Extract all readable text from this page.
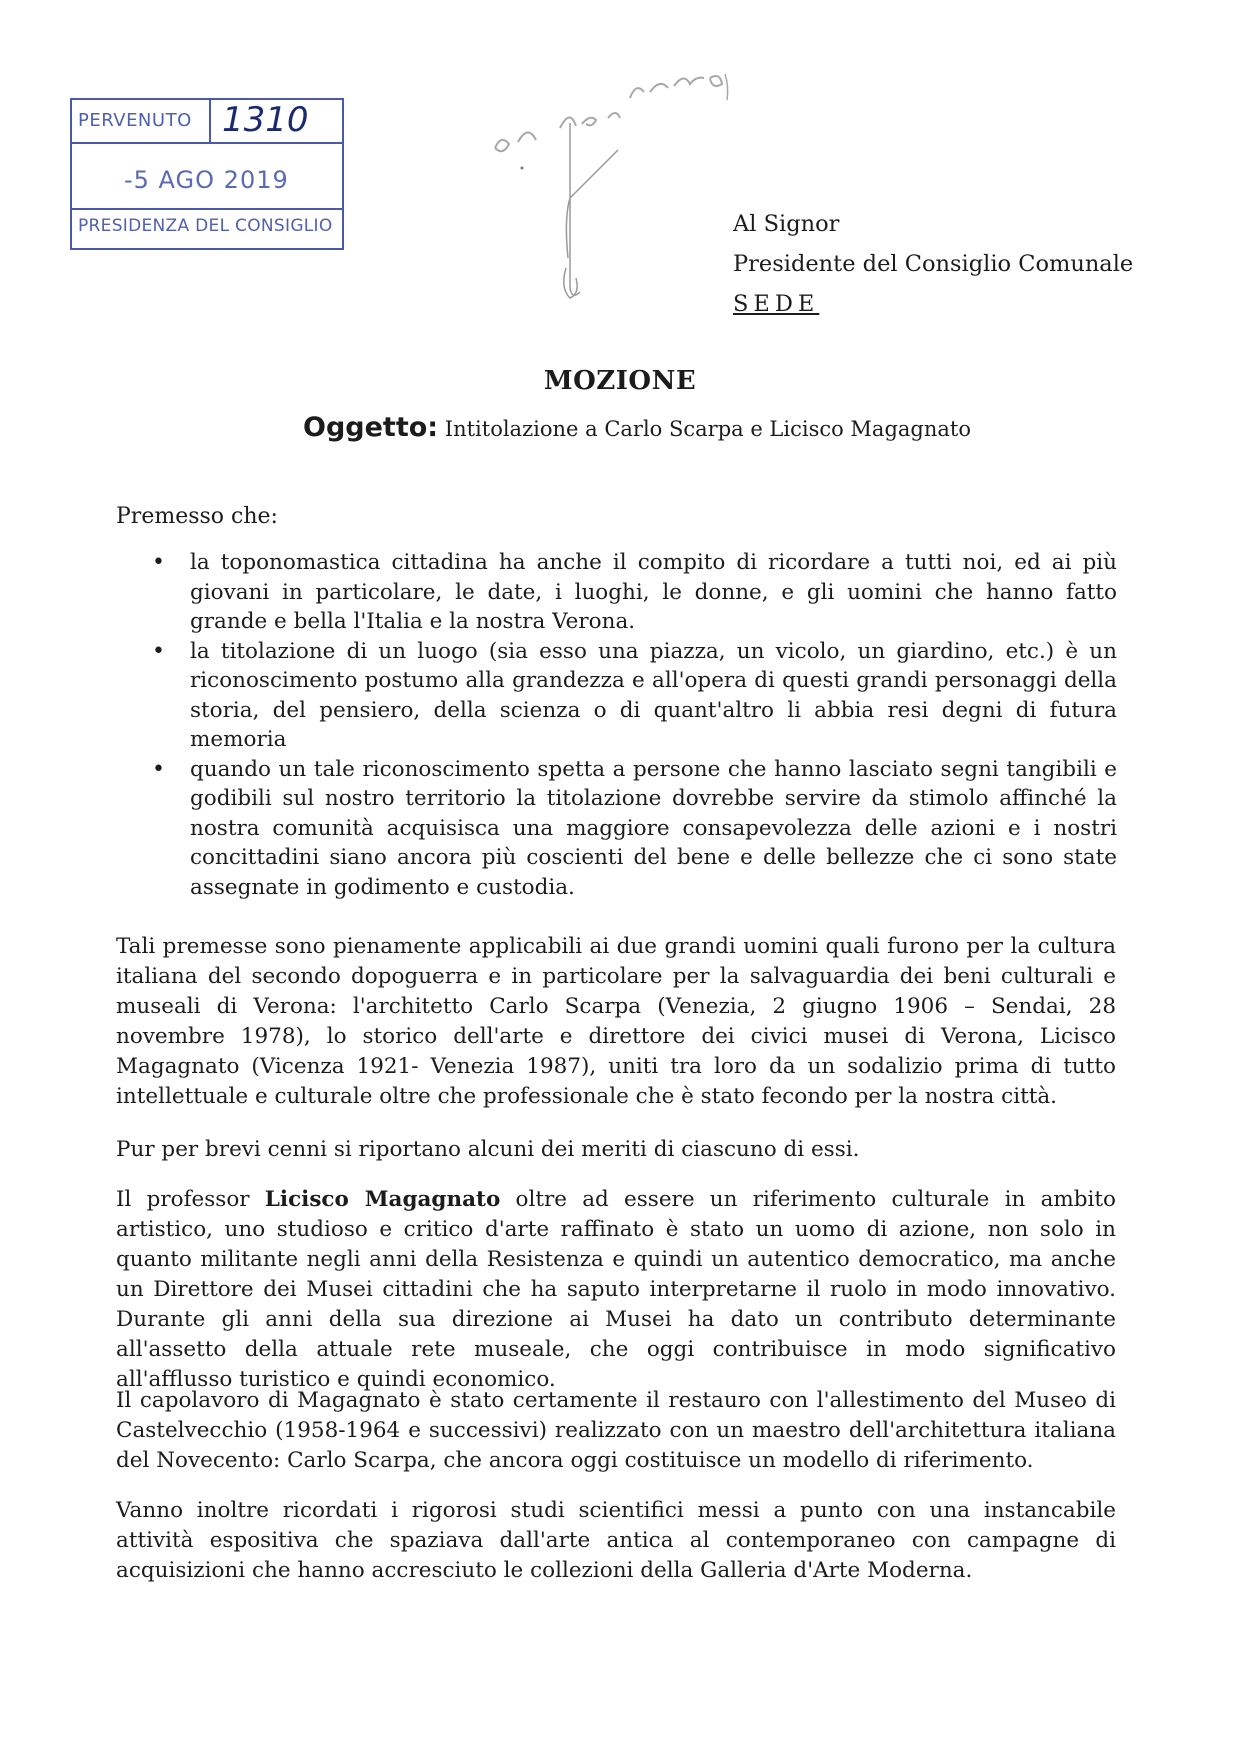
PERVENUTO 1310
-5 AGO 2019
PRESIDENZA DEL CONSIGLIO	Al Signor
Presidente del Consiglio Comunale
SEDE
MOZIONE
Oggetto: Intitolazione a Carlo Scarpa e Licisco Magagnato
Premesso che:
• la toponomastica cittadina ha anche il compito di ricordare a tutti noi, ed ai più giovani in particolare, le date, i luoghi, le donne, e gli uomini che hanno fatto grande e bella l'Italia e la nostra Verona.
• la titolazione di un luogo (sia esso una piazza, un vicolo, un giardino, etc.) è un riconoscimento postumo alla grandezza e all'opera di questi grandi personaggi della storia, del pensiero, della scienza o di quant'altro li abbia resi degni di futura memoria
• quando un tale riconoscimento spetta a persone che hanno lasciato segni tangibili e godibili sul nostro territorio la titolazione dovrebbe servire da stimolo affinché la nostra comunità acquisisca una maggiore consapevolezza delle azioni e i nostri concittadini siano ancora più coscienti del bene e delle bellezze che ci sono state assegnate in godimento e custodia.

Tali premesse sono pienamente applicabili ai due grandi uomini quali furono per la cultura italiana del secondo dopoguerra e in particolare per la salvaguardia dei beni culturali e museali di Verona: l'architetto Carlo Scarpa (Venezia, 2 giugno 1906 – Sendai, 28 novembre 1978), lo storico dell'arte e direttore dei civici musei di Verona, Licisco Magagnato (Vicenza 1921- Venezia 1987), uniti tra loro da un sodalizio prima di tutto intellettuale e culturale oltre che professionale che è stato fecondo per la nostra città.

Pur per brevi cenni si riportano alcuni dei meriti di ciascuno di essi.

Il professor Licisco Magagnato oltre ad essere un riferimento culturale in ambito artistico, uno studioso e critico d'arte raffinato è stato un uomo di azione, non solo in quanto militante negli anni della Resistenza e quindi un autentico democratico, ma anche un Direttore dei Musei cittadini che ha saputo interpretarne il ruolo in modo innovativo. Durante gli anni della sua direzione ai Musei ha dato un contributo determinante all'assetto della attuale rete museale, che oggi contribuisce in modo significativo all'afflusso turistico e quindi economico.

Il capolavoro di Magagnato è stato certamente il restauro con l'allestimento del Museo di Castelvecchio (1958-1964 e successivi) realizzato con un maestro dell'architettura italiana del Novecento: Carlo Scarpa, che ancora oggi costituisce un modello di riferimento.

Vanno inoltre ricordati i rigorosi studi scientifici messi a punto con una instancabile attività espositiva che spaziava dall'arte antica al contemporaneo con campagne di acquisizioni che hanno accresciuto le collezioni della Galleria d'Arte Moderna.
